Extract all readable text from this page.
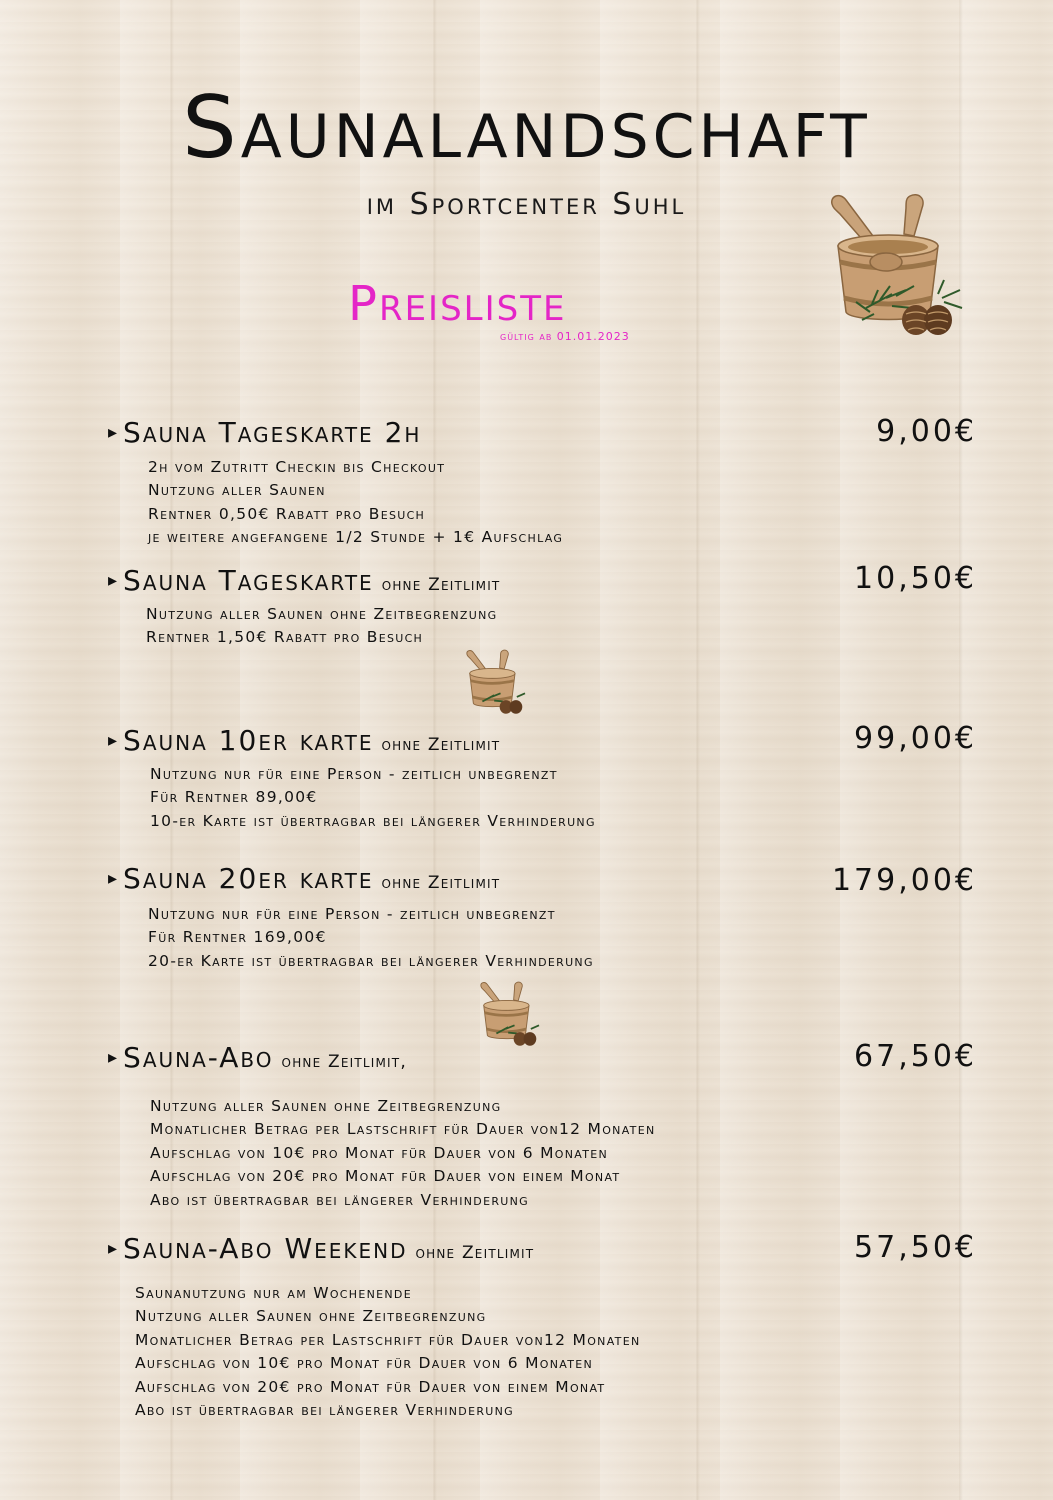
Saunalandschaft
im Sportcenter Suhl
Preisliste
gültig ab 01.01.2023
▸ Sauna Tageskarte 2h	9,00€
2h vom Zutritt Checkin bis Checkout
Nutzung aller Saunen
Rentner 0,50€ Rabatt pro Besuch
je weitere angefangene 1/2 Stunde + 1€ Aufschlag
▸ Sauna Tageskarte ohne Zeitlimit	10,50€
Nutzung aller Saunen ohne Zeitbegrenzung
Rentner 1,50€ Rabatt pro Besuch
▸ Sauna 10er karte ohne Zeitlimit	99,00€
Nutzung nur für eine Person - zeitlich unbegrenzt
Für Rentner 89,00€
10-er Karte ist übertragbar bei längerer Verhinderung
▸ Sauna 20er karte ohne Zeitlimit	179,00€
Nutzung nur für eine Person - zeitlich unbegrenzt
Für Rentner 169,00€
20-er Karte ist übertragbar bei längerer Verhinderung
▸ Sauna-Abo ohne Zeitlimit,	67,50€
Nutzung aller Saunen ohne Zeitbegrenzung
Monatlicher Betrag per Lastschrift für Dauer von12 Monaten
Aufschlag von 10€ pro Monat für Dauer von 6 Monaten
Aufschlag von 20€ pro Monat für Dauer von einem Monat
Abo ist übertragbar bei längerer Verhinderung
▸ Sauna-Abo Weekend ohne Zeitlimit	57,50€
Saunanutzung nur am Wochenende
Nutzung aller Saunen ohne Zeitbegrenzung
Monatlicher Betrag per Lastschrift für Dauer von12 Monaten
Aufschlag von 10€ pro Monat für Dauer von 6 Monaten
Aufschlag von 20€ pro Monat für Dauer von einem Monat
Abo ist übertragbar bei längerer Verhinderung
